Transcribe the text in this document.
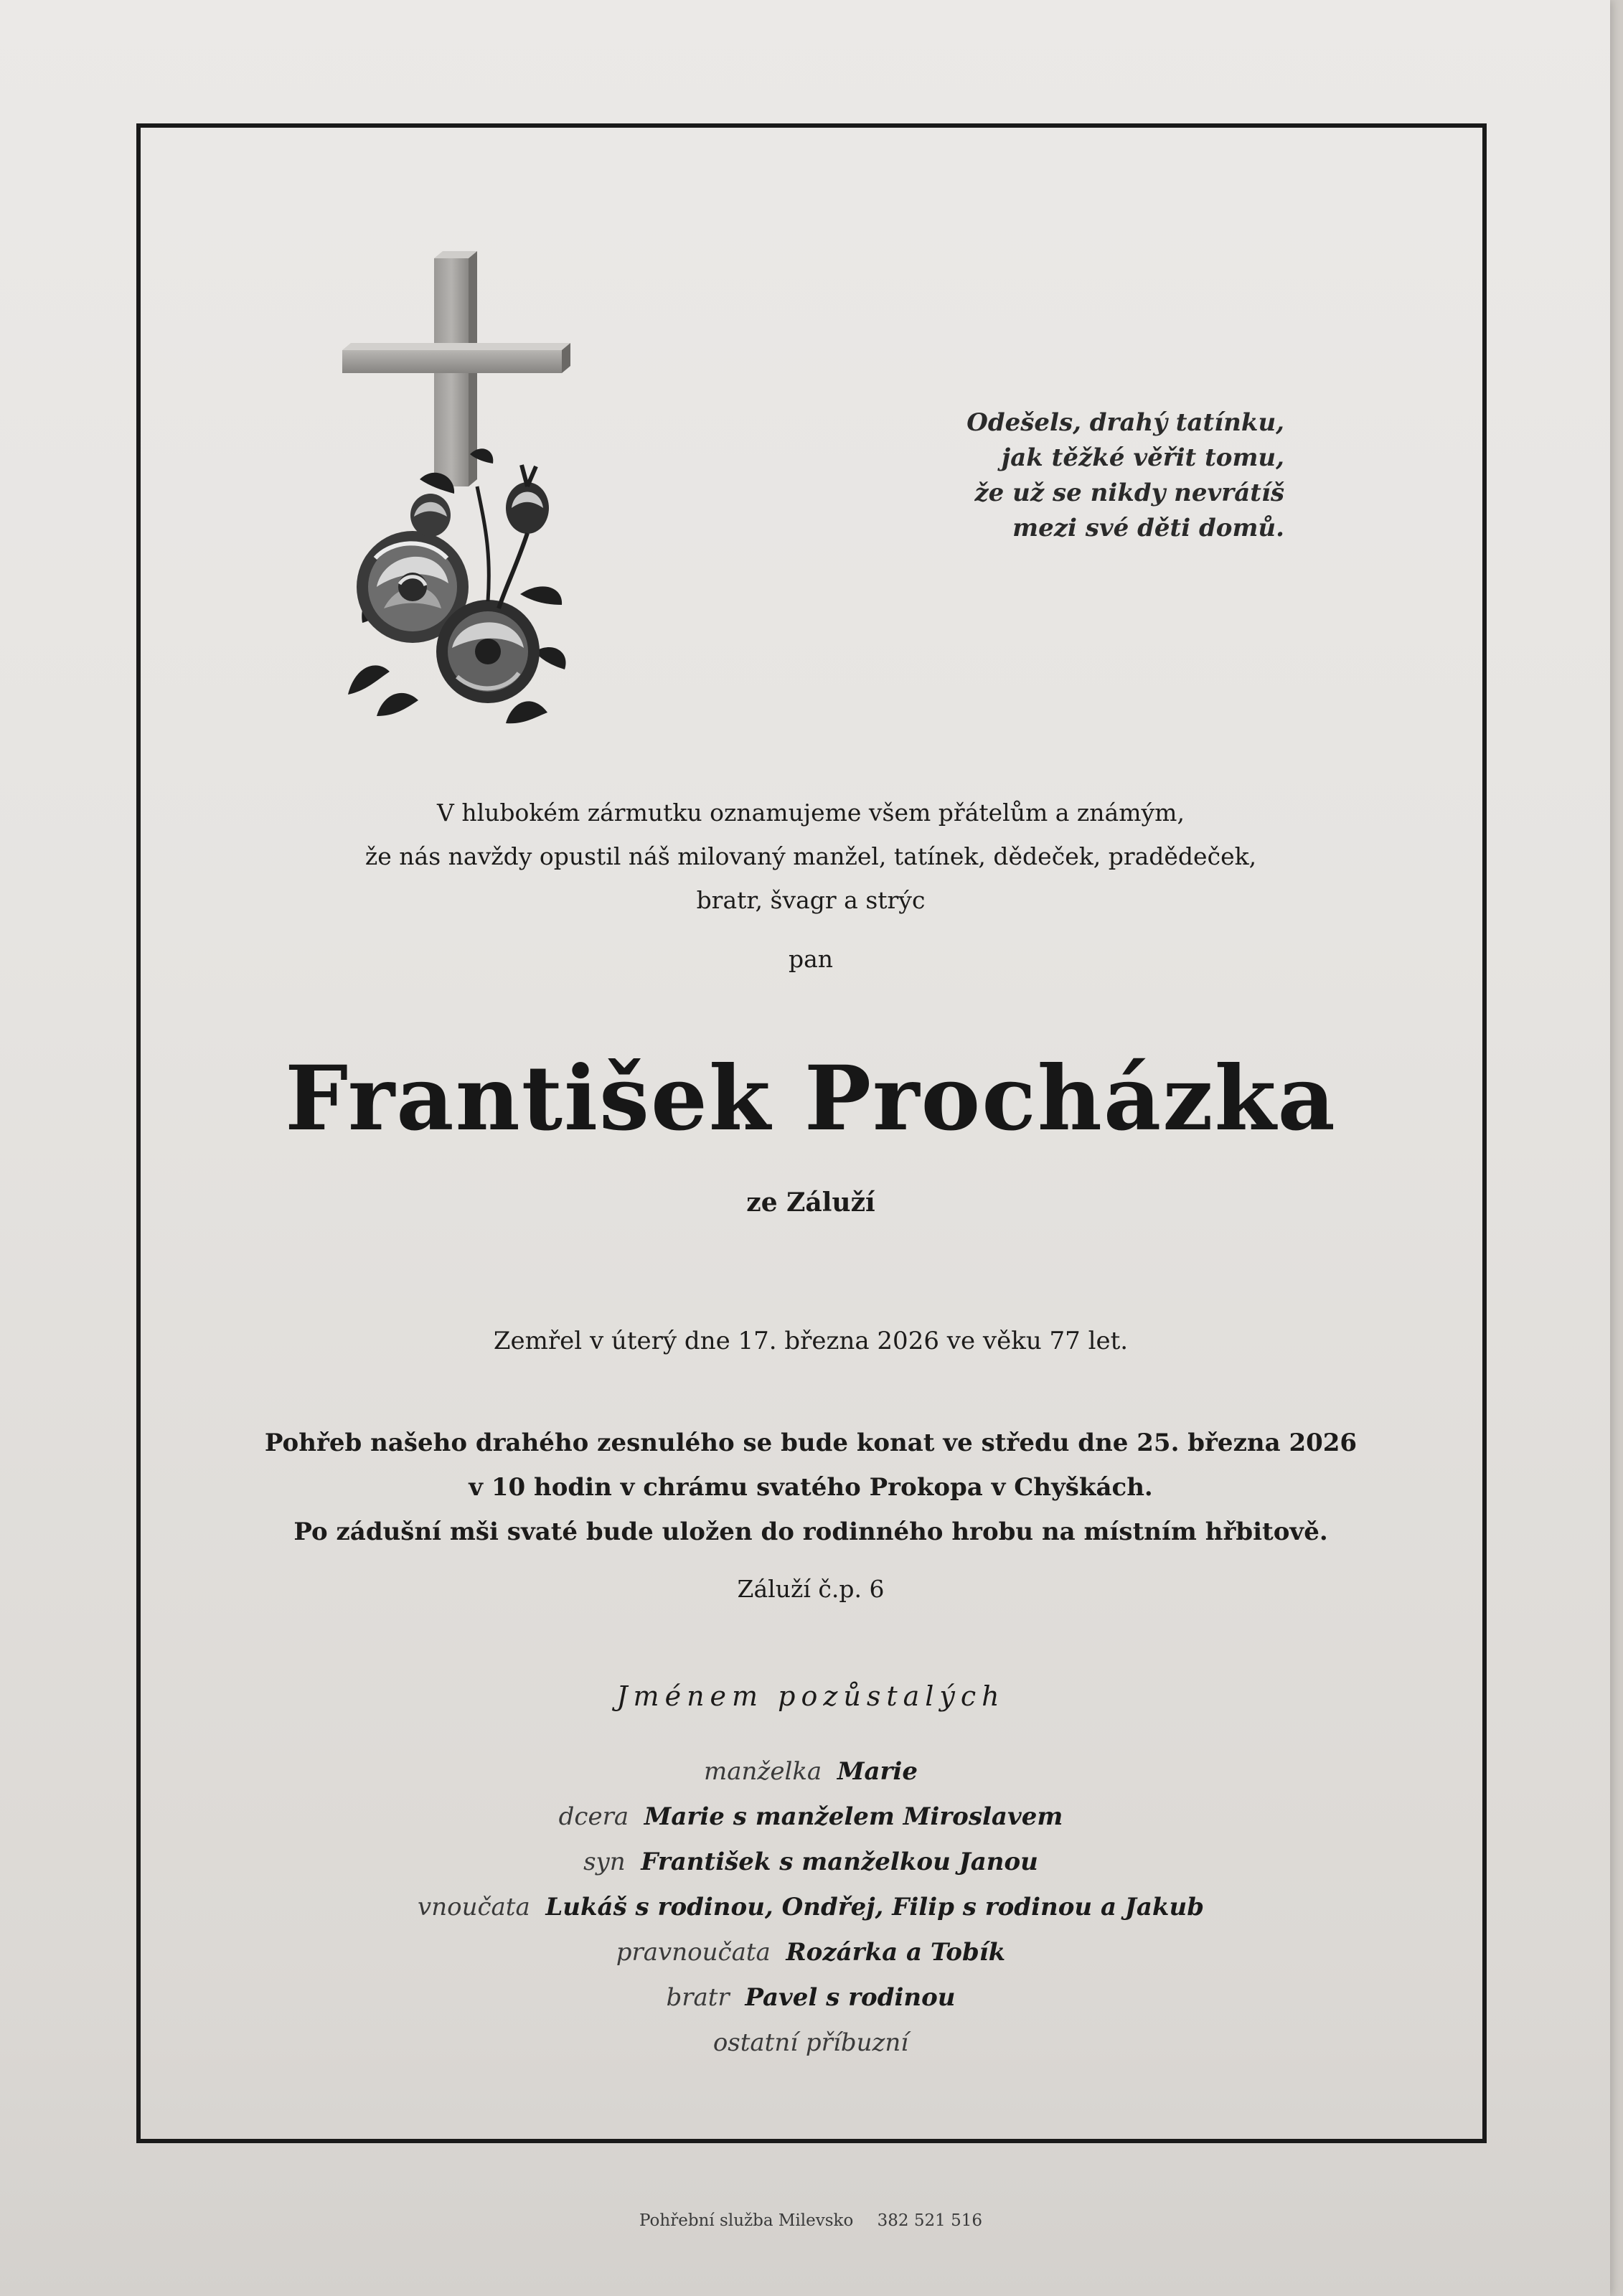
Odešels, drahý tatínku,
jak těžké věřit tomu,
že už se nikdy nevrátíš
mezi své děti domů.
V hlubokém zármutku oznamujeme všem přátelům a známým,
že nás navždy opustil náš milovaný manžel, tatínek, dědeček, pradědeček,
bratr, švagr a strýc
pan
František Procházka
ze Záluží
Zemřel v úterý dne 17. března 2026 ve věku 77 let.
Pohřeb našeho drahého zesnulého se bude konat ve středu dne 25. března 2026
v 10 hodin v chrámu svatého Prokopa v Chyškách.
Po zádušní mši svaté bude uložen do rodinného hrobu na místním hřbitově.
Záluží č.p. 6
Jménem pozůstalých
manželka Marie
dcera Marie s manželem Miroslavem
syn František s manželkou Janou
vnoučata Lukáš s rodinou, Ondřej, Filip s rodinou a Jakub
pravnoučata Rozárka a Tobík
bratr Pavel s rodinou
ostatní příbuzní
Pohřební služba Milevsko 382 521 516
